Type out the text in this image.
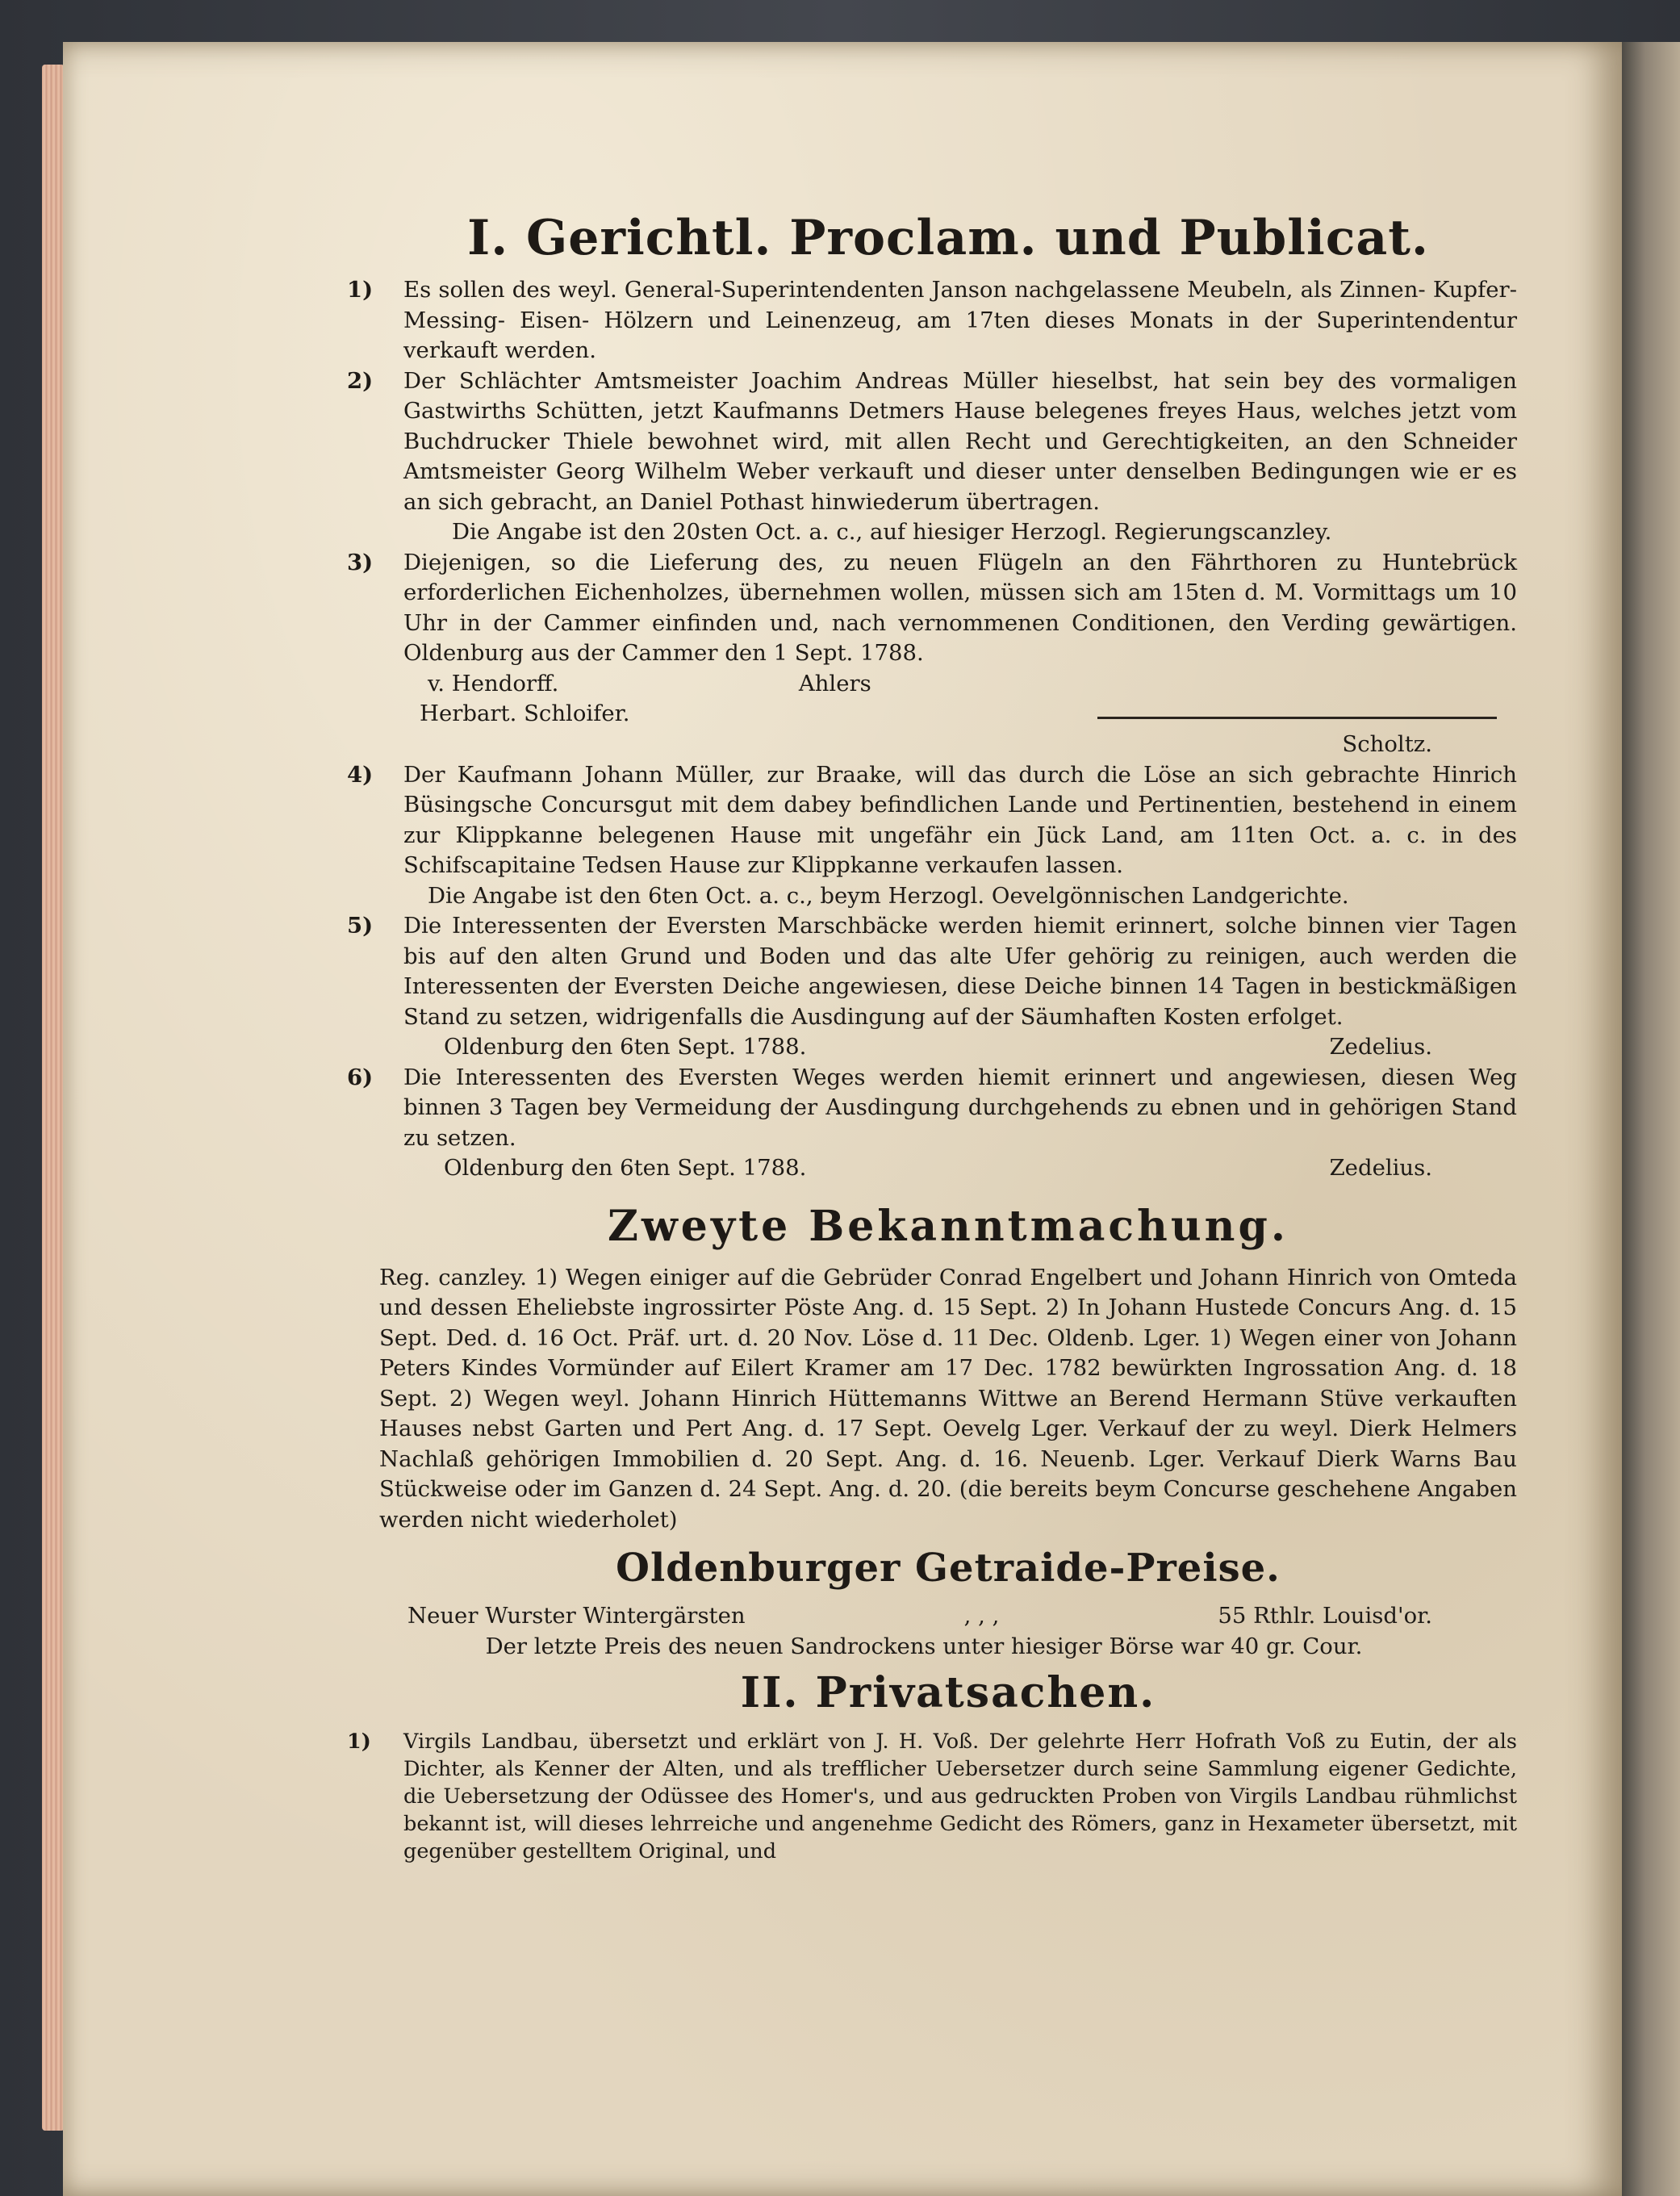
I. Gerichtl. Proclam. und Publicat.
1) Es sollen des weyl. General-Superintendenten Janson nachgelassene Meubeln, als Zinnen- Kupfer- Messing- Eisen- Hölzern und Leinenzeug, am 17ten dieses Monats in der Superintendentur verkauft werden.
2) Der Schlächter Amtsmeister Joachim Andreas Müller hieselbst, hat sein bey des vormaligen Gastwirths Schütten, jetzt Kaufmanns Detmers Hause belegenes freyes Haus, welches jetzt vom Buchdrucker Thiele bewohnet wird, mit allen Recht und Gerechtigkeiten, an den Schneider Amtsmeister Georg Wilhelm Weber verkauft und dieser unter denselben Bedingungen wie er es an sich gebracht, an Daniel Pothast hinwiederum übertragen.
Die Angabe ist den 20sten Oct. a. c., auf hiesiger Herzogl. Regierungscanzley.
3) Diejenigen, so die Lieferung des, zu neuen Flügeln an den Fährthoren zu Huntebrück erforderlichen Eichenholzes, übernehmen wollen, müssen sich am 15ten d. M. Vormittags um 10 Uhr in der Cammer einfinden und, nach vernommenen Conditionen, den Verding gewärtigen. Oldenburg aus der Cammer den 1 Sept. 1788.
v. Hendorff.	Ahlers
Herbart. Schloifer.
Scholtz.
4) Der Kaufmann Johann Müller, zur Braake, will das durch die Löse an sich gebrachte Hinrich Büsingsche Concursgut mit dem dabey befindlichen Lande und Pertinentien, bestehend in einem zur Klippkanne belegenen Hause mit ungefähr ein Jück Land, am 11ten Oct. a. c. in des Schifscapitaine Tedsen Hause zur Klippkanne verkaufen lassen.
Die Angabe ist den 6ten Oct. a. c., beym Herzogl. Oevelgönnischen Landgerichte.
5) Die Interessenten der Eversten Marschbäcke werden hiemit erinnert, solche binnen vier Tagen bis auf den alten Grund und Boden und das alte Ufer gehörig zu reinigen, auch werden die Interessenten der Eversten Deiche angewiesen, diese Deiche binnen 14 Tagen in bestickmäßigen Stand zu setzen, widrigenfalls die Ausdingung auf der Säumhaften Kosten erfolget.
Oldenburg den 6ten Sept. 1788.	Zedelius.
6) Die Interessenten des Eversten Weges werden hiemit erinnert und angewiesen, diesen Weg binnen 3 Tagen bey Vermeidung der Ausdingung durchgehends zu ebnen und in gehörigen Stand zu setzen.
Oldenburg den 6ten Sept. 1788.	Zedelius.
Zweyte Bekanntmachung.
Reg. canzley. 1) Wegen einiger auf die Gebrüder Conrad Engelbert und Johann Hinrich von Omteda und dessen Eheliebste ingrossirter Pöste Ang. d. 15 Sept. 2) In Johann Hustede Concurs Ang. d. 15 Sept. Ded. d. 16 Oct. Präf. urt. d. 20 Nov. Löse d. 11 Dec. Oldenb. Lger. 1) Wegen einer von Johann Peters Kindes Vormünder auf Eilert Kramer am 17 Dec. 1782 bewürkten Ingrossation Ang. d. 18 Sept. 2) Wegen weyl. Johann Hinrich Hüttemanns Wittwe an Berend Hermann Stüve verkauften Hauses nebst Garten und Pert Ang. d. 17 Sept. Oevelg Lger. Verkauf der zu weyl. Dierk Helmers Nachlaß gehörigen Immobilien d. 20 Sept. Ang. d. 16. Neuenb. Lger. Verkauf Dierk Warns Bau Stückweise oder im Ganzen d. 24 Sept. Ang. d. 20. (die bereits beym Concurse geschehene Angaben werden nicht wiederholet)
Oldenburger Getraide-Preise.
Neuer Wurster Wintergärsten	, , ,	55 Rthlr. Louisd'or.
Der letzte Preis des neuen Sandrockens unter hiesiger Börse war 40 gr. Cour.
II. Privatsachen.
1) Virgils Landbau, übersetzt und erklärt von J. H. Voß. Der gelehrte Herr Hofrath Voß zu Eutin, der als Dichter, als Kenner der Alten, und als trefflicher Uebersetzer durch seine Sammlung eigener Gedichte, die Uebersetzung der Odüssee des Homer's, und aus gedruckten Proben von Virgils Landbau rühmlichst bekannt ist, will dieses lehrreiche und angenehme Gedicht des Römers, ganz in Hexameter übersetzt, mit gegenüber gestelltem Original, und
